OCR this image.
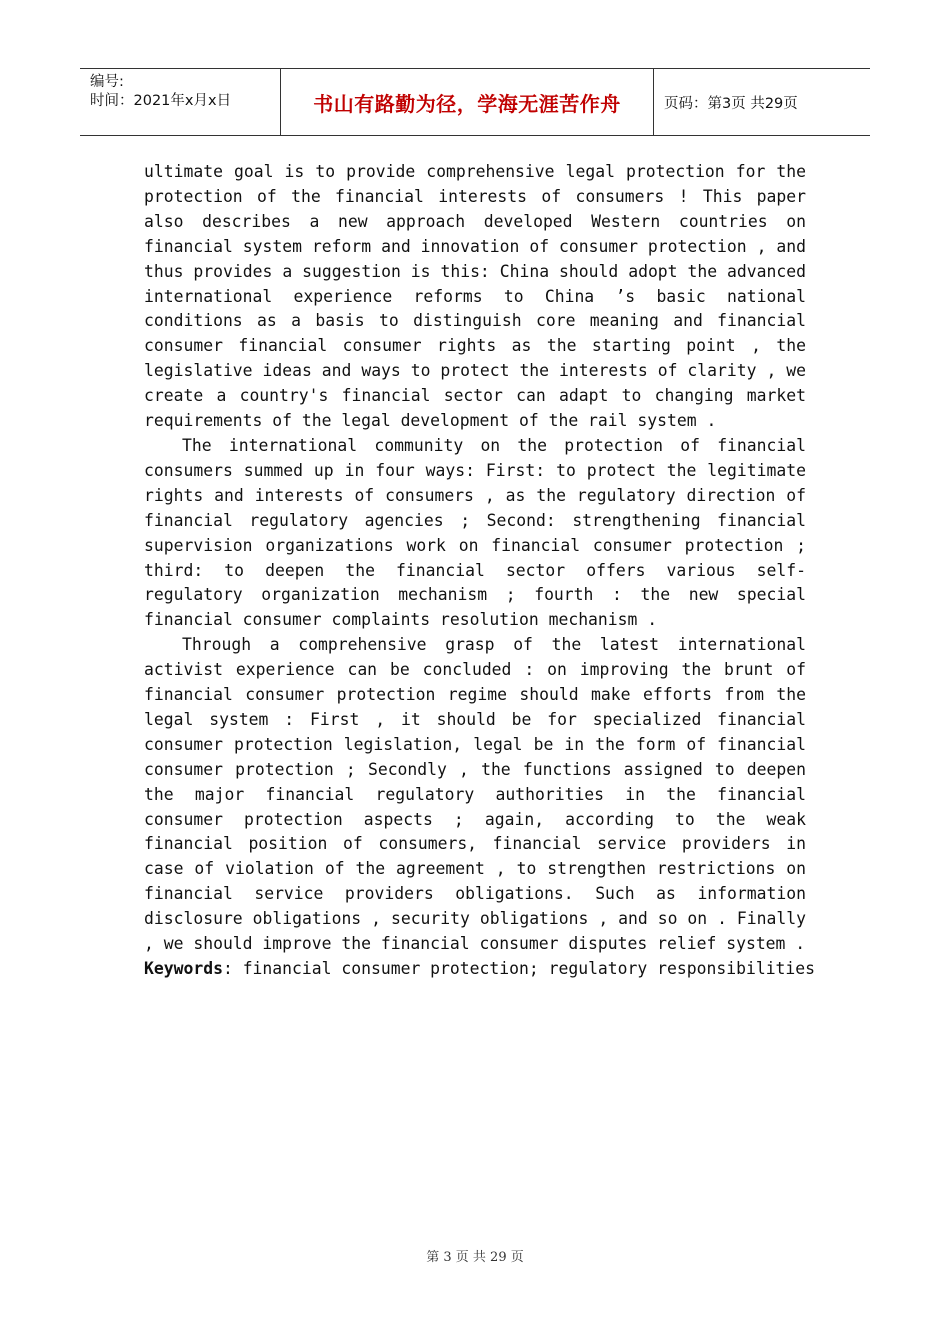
编号:
时间：2021年x月x日	书山有路勤为径，学海无涯苦作舟	页码：第3页 共29页

ultimate goal is to provide comprehensive legal protection for the protection of the financial interests of consumers ! This paper also describes a new approach developed Western countries on financial system reform and innovation of consumer protection , and thus provides a suggestion is this: China should adopt the advanced international experience reforms to China ’s basic national conditions as a basis to distinguish core meaning and financial consumer financial consumer rights as the starting point , the legislative ideas and ways to protect the interests of clarity , we create a country's financial sector can adapt to changing market requirements of the legal development of the rail system .

The international community on the protection of financial consumers summed up in four ways: First: to protect the legitimate rights and interests of consumers , as the regulatory direction of financial regulatory agencies ; Second: strengthening financial supervision organizations work on financial consumer protection ; third: to deepen the financial sector offers various self-regulatory organization mechanism ; fourth : the new special financial consumer complaints resolution mechanism .

Through a comprehensive grasp of the latest international activist experience can be concluded : on improving the brunt of financial consumer protection regime should make efforts from the legal system : First , it should be for specialized financial consumer protection legislation, legal be in the form of financial consumer protection ; Secondly , the functions assigned to deepen the major financial regulatory authorities in the financial consumer protection aspects ; again, according to the weak financial position of consumers, financial service providers in case of violation of the agreement , to strengthen restrictions on financial service providers obligations. Such as information disclosure obligations , security obligations , and so on . Finally , we should improve the financial consumer disputes relief system .

Keywords: financial consumer protection; regulatory responsibilities

第 3 页 共 29 页
